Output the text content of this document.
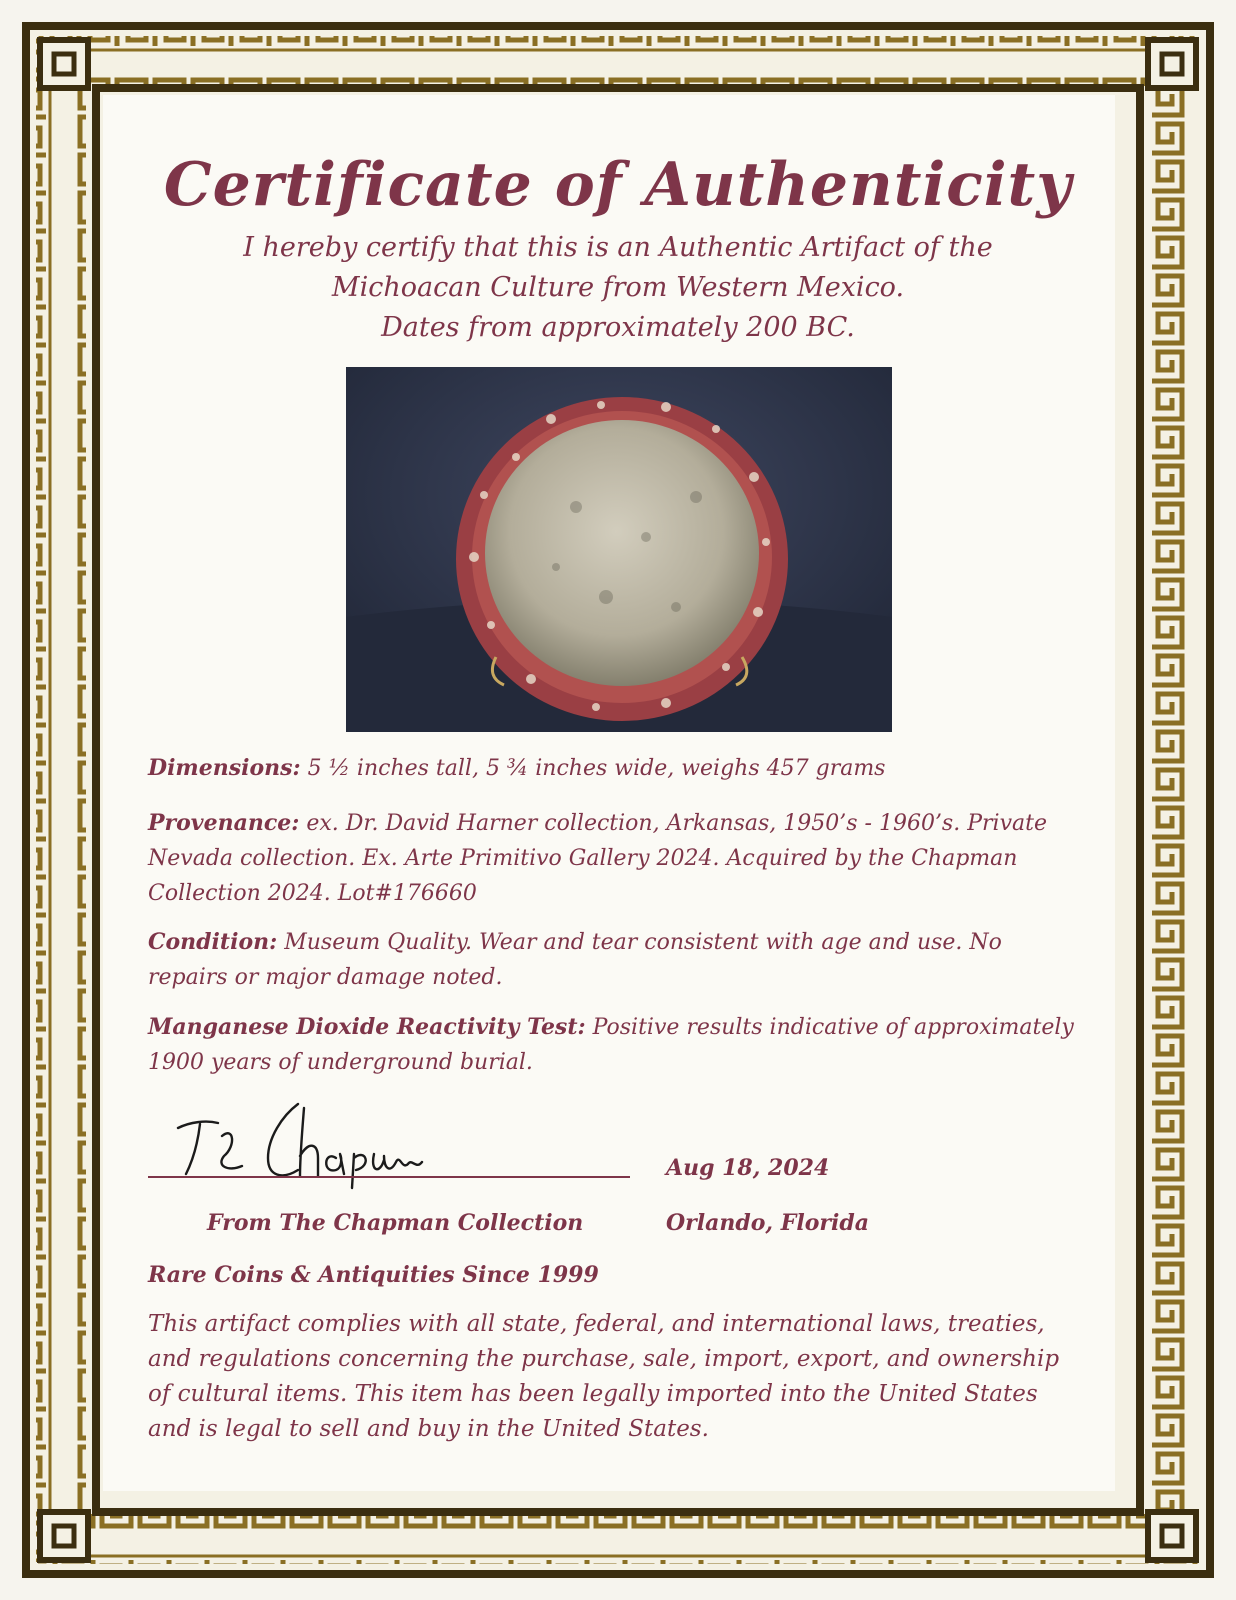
Certificate of Authenticity
I hereby certify that this is an Authentic Artifact of the
Michoacan Culture from Western Mexico.
Dates from approximately 200 BC.
Dimensions: 5 ½ inches tall, 5 ¾ inches wide, weighs 457 grams
Provenance: ex. Dr. David Harner collection, Arkansas, 1950’s - 1960’s. Private Nevada collection. Ex. Arte Primitivo Gallery 2024. Acquired by the Chapman Collection 2024. Lot#176660
Condition: Museum Quality. Wear and tear consistent with age and use. No repairs or major damage noted.
Manganese Dioxide Reactivity Test: Positive results indicative of approximately 1900 years of underground burial.
Aug 18, 2024
From The Chapman Collection	Orlando, Florida
Rare Coins & Antiquities Since 1999
This artifact complies with all state, federal, and international laws, treaties, and regulations concerning the purchase, sale, import, export, and ownership of cultural items. This item has been legally imported into the United States and is legal to sell and buy in the United States.
